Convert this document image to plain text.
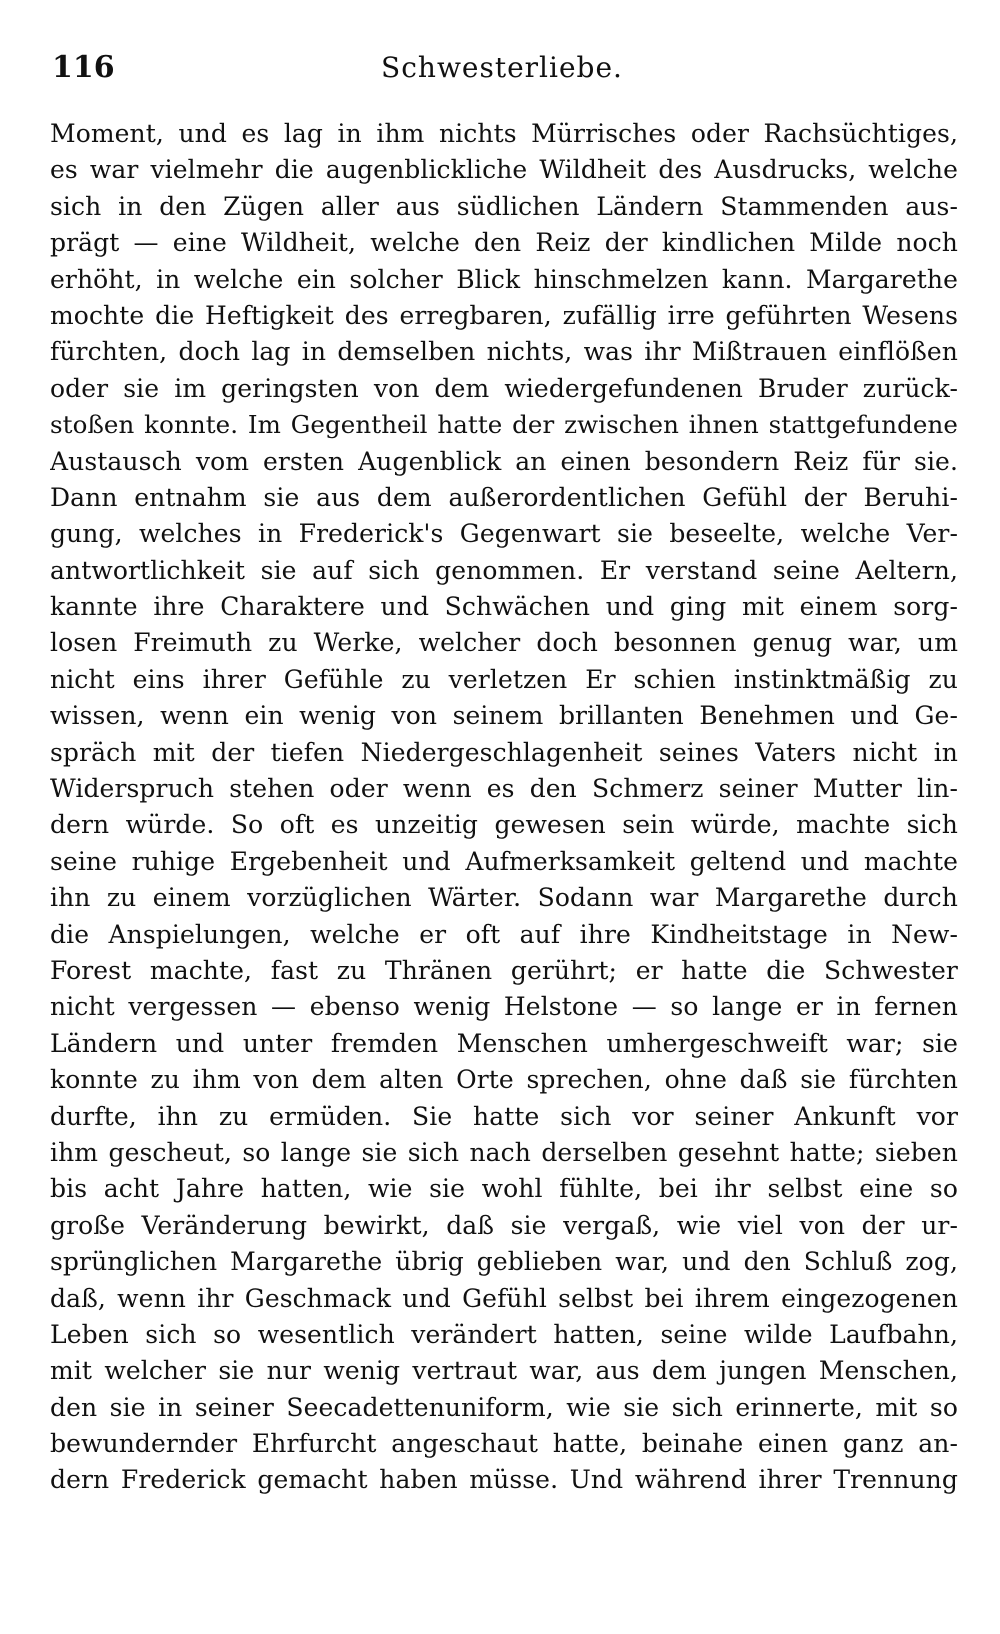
116	Schwesterliebe.
Moment, und es lag in ihm nichts Mürrisches oder Rachsüchtiges,
es war vielmehr die augenblickliche Wildheit des Ausdrucks, welche
sich in den Zügen aller aus südlichen Ländern Stammenden aus-
prägt — eine Wildheit, welche den Reiz der kindlichen Milde noch
erhöht, in welche ein solcher Blick hinschmelzen kann. Margarethe
mochte die Heftigkeit des erregbaren, zufällig irre geführten Wesens
fürchten, doch lag in demselben nichts, was ihr Mißtrauen einflößen
oder sie im geringsten von dem wiedergefundenen Bruder zurück-
stoßen konnte. Im Gegentheil hatte der zwischen ihnen stattgefundene
Austausch vom ersten Augenblick an einen besondern Reiz für sie.
Dann entnahm sie aus dem außerordentlichen Gefühl der Beruhi-
gung, welches in Frederick's Gegenwart sie beseelte, welche Ver-
antwortlichkeit sie auf sich genommen. Er verstand seine Aeltern,
kannte ihre Charaktere und Schwächen und ging mit einem sorg-
losen Freimuth zu Werke, welcher doch besonnen genug war, um
nicht eins ihrer Gefühle zu verletzen Er schien instinktmäßig zu
wissen, wenn ein wenig von seinem brillanten Benehmen und Ge-
spräch mit der tiefen Niedergeschlagenheit seines Vaters nicht in
Widerspruch stehen oder wenn es den Schmerz seiner Mutter lin-
dern würde. So oft es unzeitig gewesen sein würde, machte sich
seine ruhige Ergebenheit und Aufmerksamkeit geltend und machte
ihn zu einem vorzüglichen Wärter. Sodann war Margarethe durch
die Anspielungen, welche er oft auf ihre Kindheitstage in New-
Forest machte, fast zu Thränen gerührt; er hatte die Schwester
nicht vergessen — ebenso wenig Helstone — so lange er in fernen
Ländern und unter fremden Menschen umhergeschweift war; sie
konnte zu ihm von dem alten Orte sprechen, ohne daß sie fürchten
durfte, ihn zu ermüden. Sie hatte sich vor seiner Ankunft vor
ihm gescheut, so lange sie sich nach derselben gesehnt hatte; sieben
bis acht Jahre hatten, wie sie wohl fühlte, bei ihr selbst eine so
große Veränderung bewirkt, daß sie vergaß, wie viel von der ur-
sprünglichen Margarethe übrig geblieben war, und den Schluß zog,
daß, wenn ihr Geschmack und Gefühl selbst bei ihrem eingezogenen
Leben sich so wesentlich verändert hatten, seine wilde Laufbahn,
mit welcher sie nur wenig vertraut war, aus dem jungen Menschen,
den sie in seiner Seecadettenuniform, wie sie sich erinnerte, mit so
bewundernder Ehrfurcht angeschaut hatte, beinahe einen ganz an-
dern Frederick gemacht haben müsse. Und während ihrer Trennung
